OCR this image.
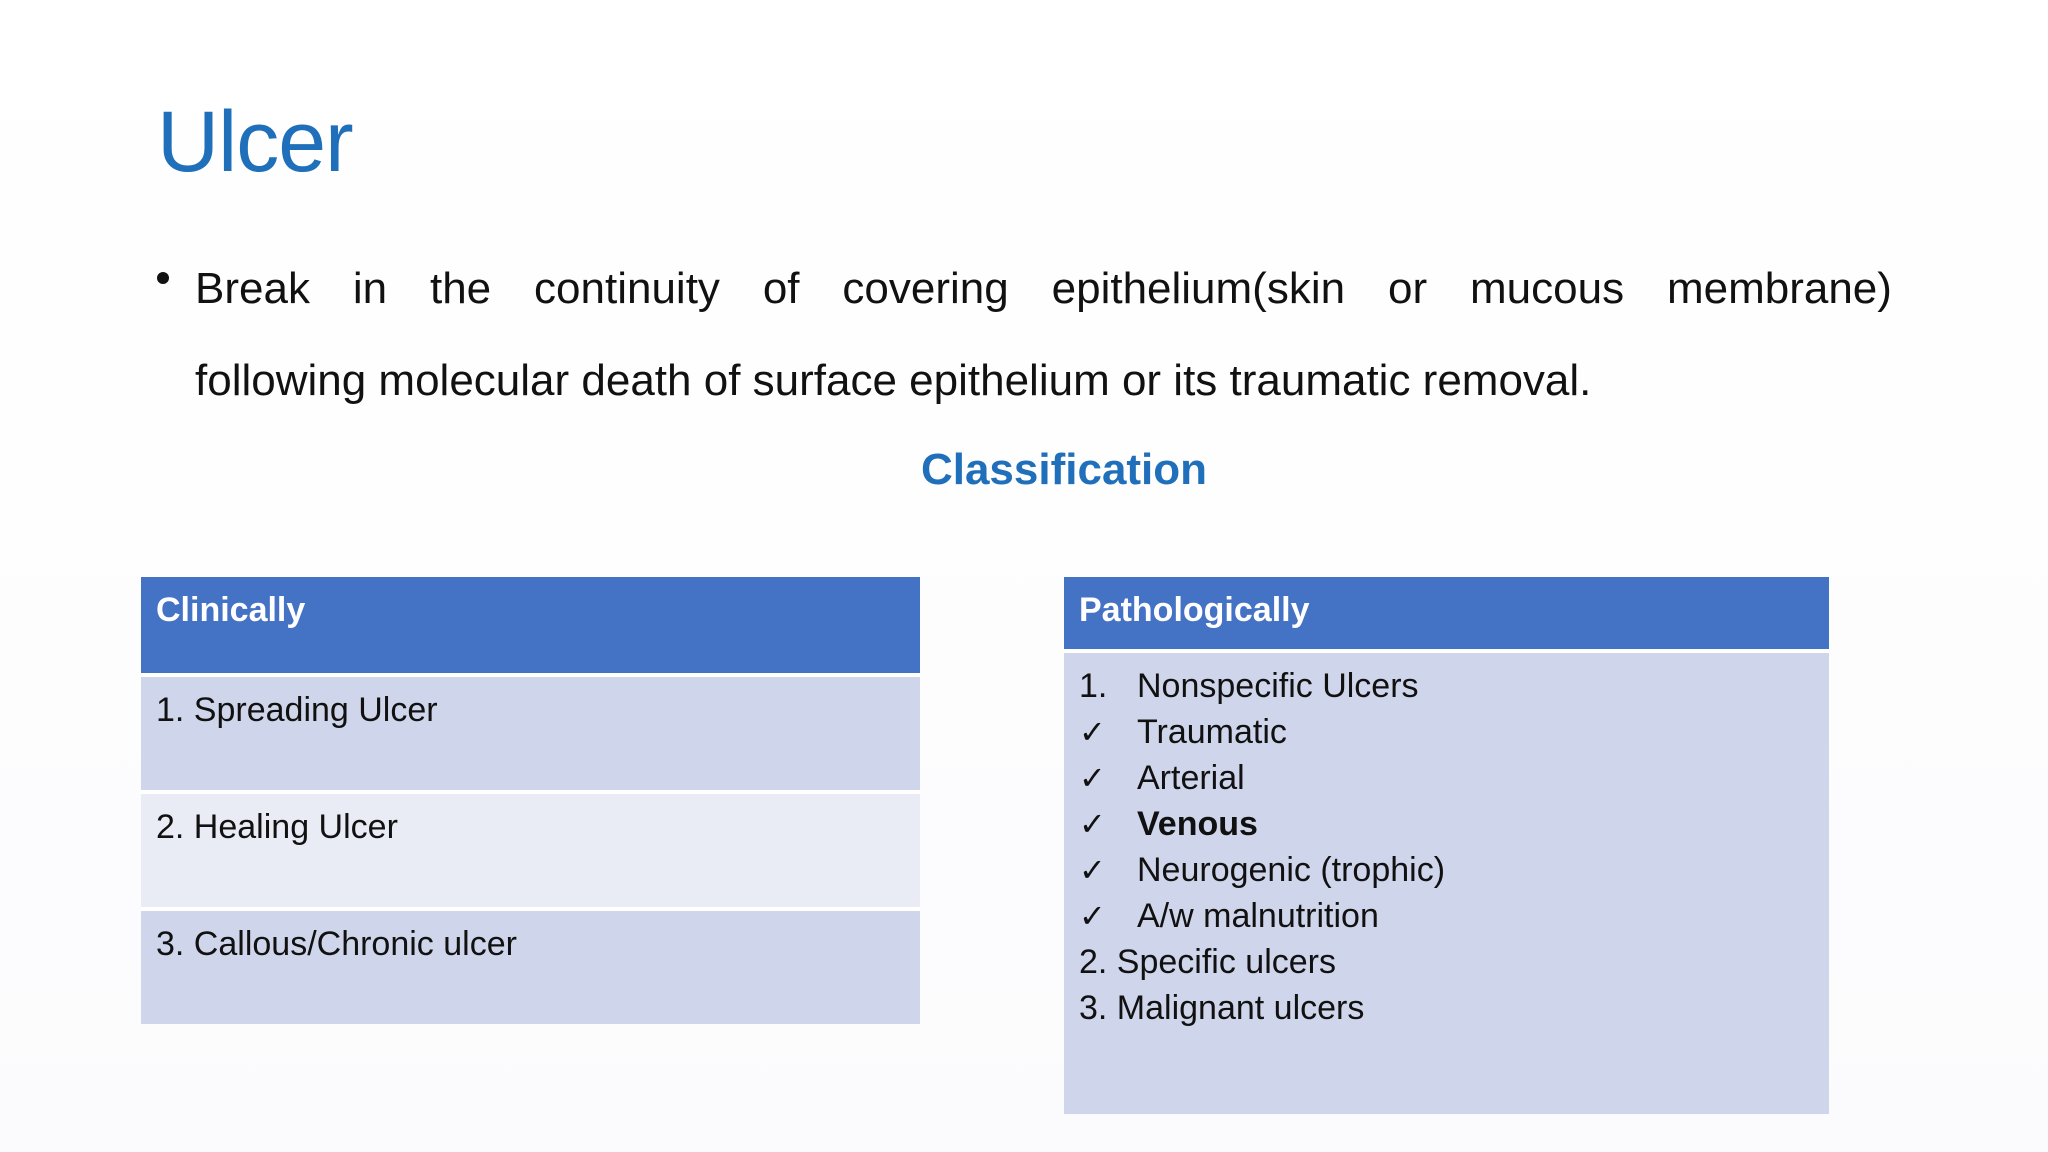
Ulcer
Break in the continuity of covering epithelium(skin or mucous membrane)
following molecular death of surface epithelium or its traumatic removal.
Classification
Clinically
1. Spreading Ulcer
2. Healing Ulcer
3. Callous/Chronic ulcer
Pathologically
1. Nonspecific Ulcers
✓ Traumatic
✓ Arterial
✓ Venous
✓ Neurogenic (trophic)
✓ A/w malnutrition
2. Specific ulcers
3. Malignant ulcers
